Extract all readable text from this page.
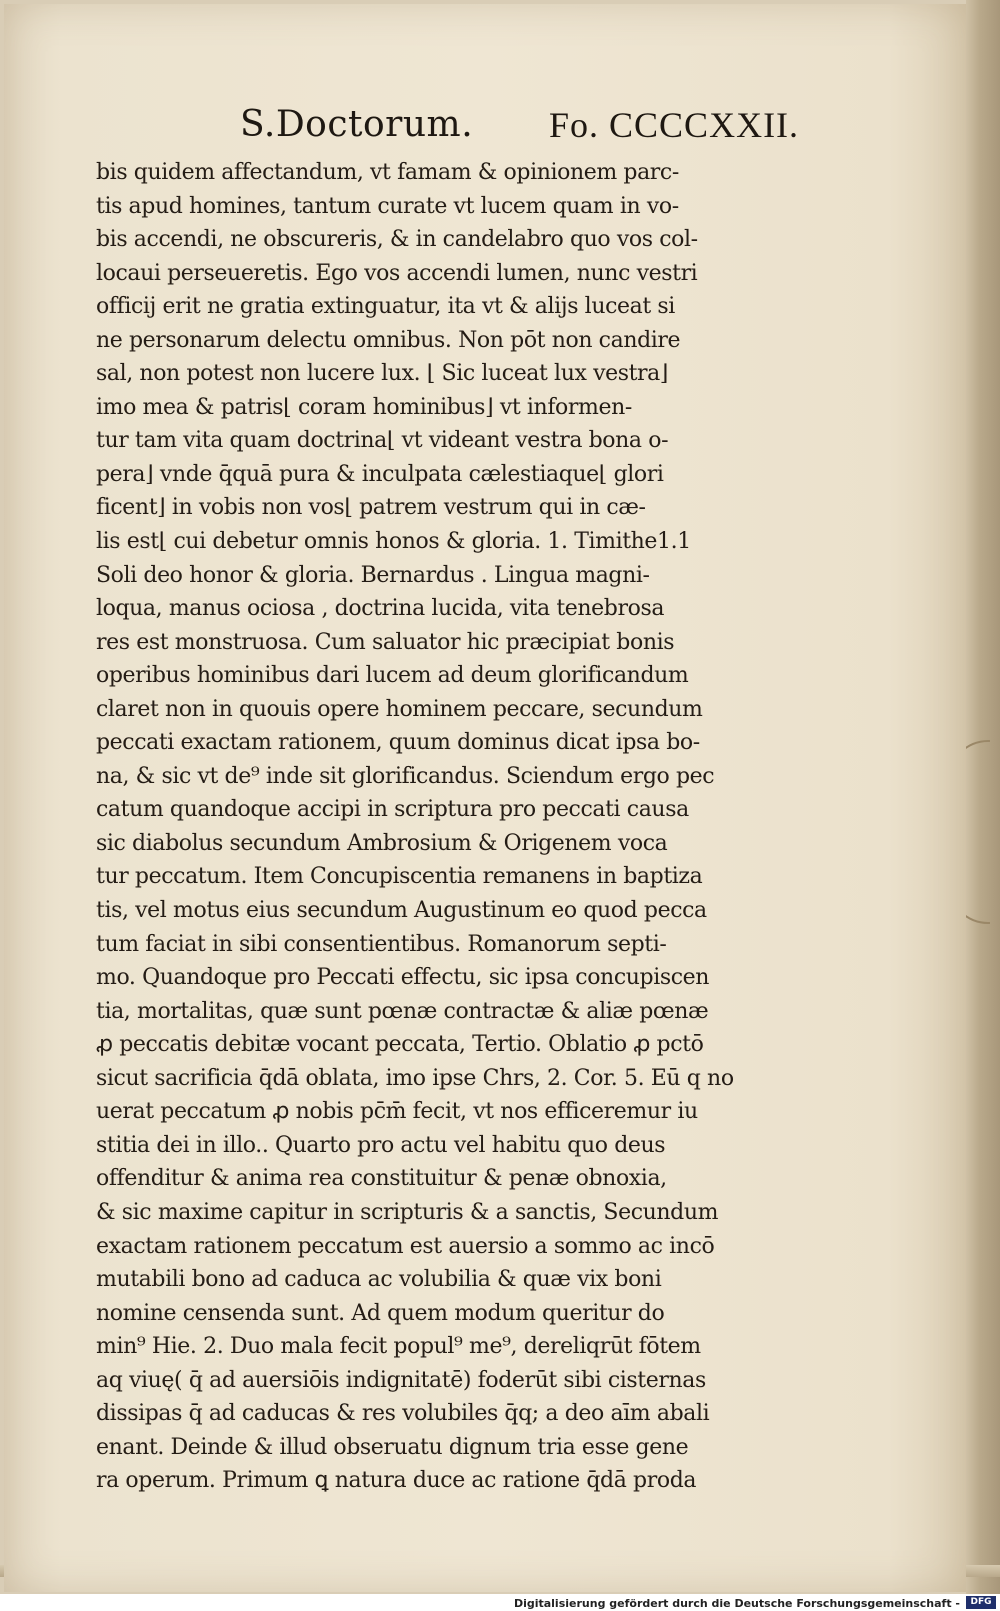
S.Doctorum. Fo. CCCCXXII.
bis quidem affectandum, vt famam & opinionem parc-
tis apud homines, tantum curate vt lucem quam in vo-
bis accendi, ne obscureris, & in candelabro quo vos col-
locaui perseueretis. Ego vos accendi lumen, nunc vestri
officij erit ne gratia extinguatur, ita vt & alijs luceat si
ne personarum delectu omnibus. Non pōt non candire
sal, non potest non lucere lux. ⌊ Sic luceat lux vestra⌋
imo mea & patris⌊ coram hominibus⌋ vt informen-
tur tam vita quam doctrina⌊ vt videant vestra bona o-
pera⌋ vnde q̄quā pura & inculpata cælestiaque⌊ glori
ficent⌋ in vobis non vos⌊ patrem vestrum qui in cæ-
lis est⌊ cui debetur omnis honos & gloria. 1. Timithe1.1
Soli deo honor & gloria. Bernardus . Lingua magni-
loqua, manus ociosa , doctrina lucida, vita tenebrosa
res est monstruosa. Cum saluator hic præcipiat bonis
operibus hominibus dari lucem ad deum glorificandum
claret non in quouis opere hominem peccare, secundum
peccati exactam rationem, quum dominus dicat ipsa bo-
na, & sic vt de⁹ inde sit glorificandus. Sciendum ergo pec
catum quandoque accipi in scriptura pro peccati causa
sic diabolus secundum Ambrosium & Origenem voca
tur peccatum. Item Concupiscentia remanens in baptiza
tis, vel motus eius secundum Augustinum eo quod pecca
tum faciat in sibi consentientibus. Romanorum septi-
mo. Quandoque pro Peccati effectu, sic ipsa concupiscen
tia, mortalitas, quæ sunt pœnæ contractæ & aliæ pœnæ
ꝓ peccatis debitæ vocant peccata, Tertio. Oblatio ꝓ pctō
sicut sacrificia q̄dā oblata, imo ipse Chrs, 2. Cor. 5. Eū q no
uerat peccatum ꝓ nobis pc̄m̄ fecit, vt nos efficeremur iu
stitia dei in illo.. Quarto pro actu vel habitu quo deus
offenditur & anima rea constituitur & penæ obnoxia,
& sic maxime capitur in scripturis & a sanctis, Secundum
exactam rationem peccatum est auersio a sommo ac incō
mutabili bono ad caduca ac volubilia & quæ vix boni
nomine censenda sunt. Ad quem modum queritur do
min⁹ Hie. 2. Duo mala fecit popul⁹ me⁹, dereliqrūt fōtem
aq viuę( q̄ ad auersiōis indignitatē) foderūt sibi cisternas
dissipas q̄ ad caducas & res volubiles q̄q; a deo aīm abali
enant. Deinde & illud obseruatu dignum tria esse gene
ra operum. Primum ꝗ natura duce ac ratione q̄dā proda
Digitalisierung gefördert durch die Deutsche Forschungsgemeinschaft -	DFG
